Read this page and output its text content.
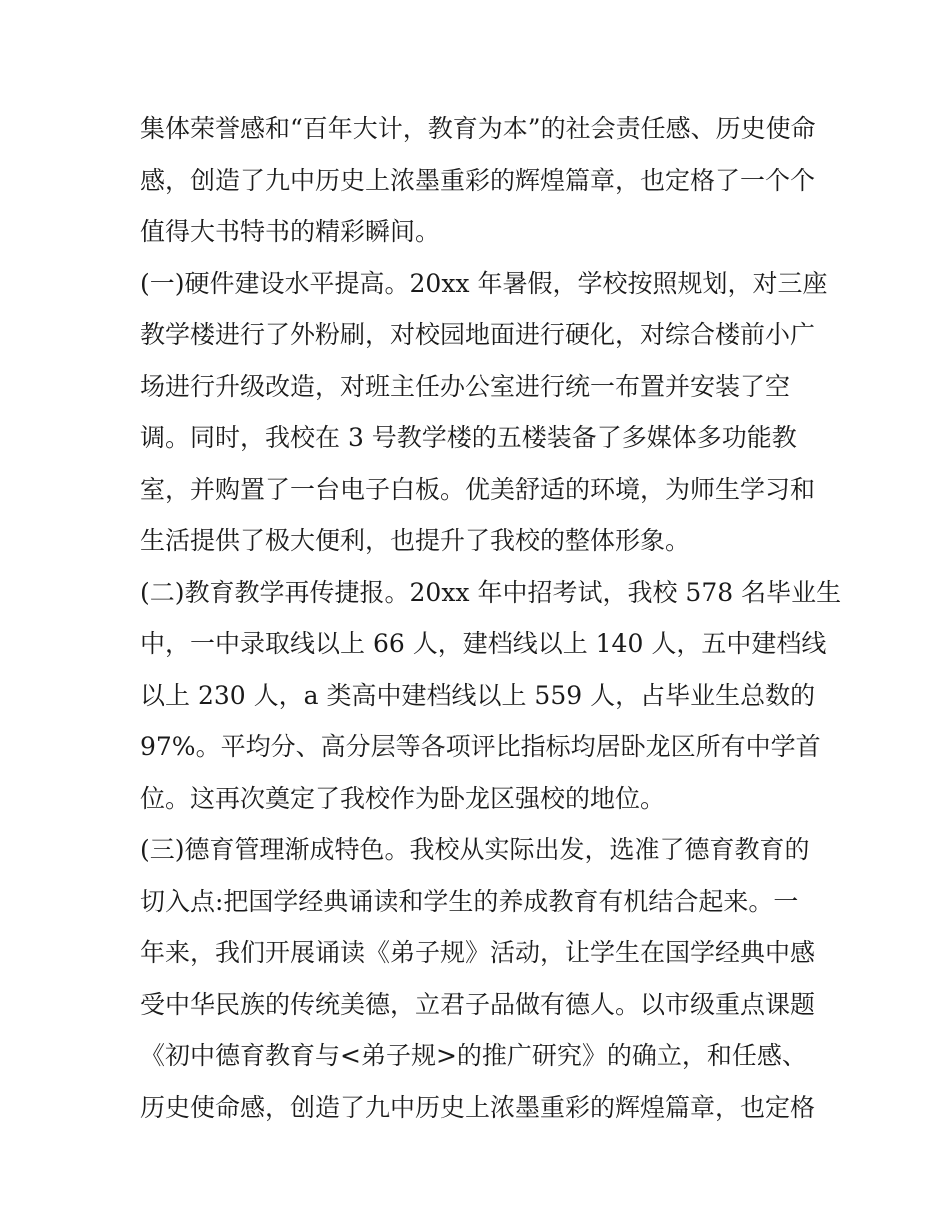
集体荣誉感和“百年大计，教育为本”的社会责任感、历史使命
感，创造了九中历史上浓墨重彩的辉煌篇章，也定格了一个个
值得大书特书的精彩瞬间。
(一)硬件建设水平提高。20xx 年暑假，学校按照规划，对三座
教学楼进行了外粉刷，对校园地面进行硬化，对综合楼前小广
场进行升级改造，对班主任办公室进行统一布置并安装了空
调。同时，我校在 3 号教学楼的五楼装备了多媒体多功能教
室，并购置了一台电子白板。优美舒适的环境，为师生学习和
生活提供了极大便利，也提升了我校的整体形象。
(二)教育教学再传捷报。20xx 年中招考试，我校 578 名毕业生
中，一中录取线以上 66 人，建档线以上 140 人，五中建档线
以上 230 人，a 类高中建档线以上 559 人，占毕业生总数的
97%。平均分、高分层等各项评比指标均居卧龙区所有中学首
位。这再次奠定了我校作为卧龙区强校的地位。
(三)德育管理渐成特色。我校从实际出发，选准了德育教育的
切入点:把国学经典诵读和学生的养成教育有机结合起来。一
年来，我们开展诵读《弟子规》活动，让学生在国学经典中感
受中华民族的传统美德，立君子品做有德人。以市级重点课题
《初中德育教育与<弟子规>的推广研究》的确立，和任感、
历史使命感，创造了九中历史上浓墨重彩的辉煌篇章，也定格
